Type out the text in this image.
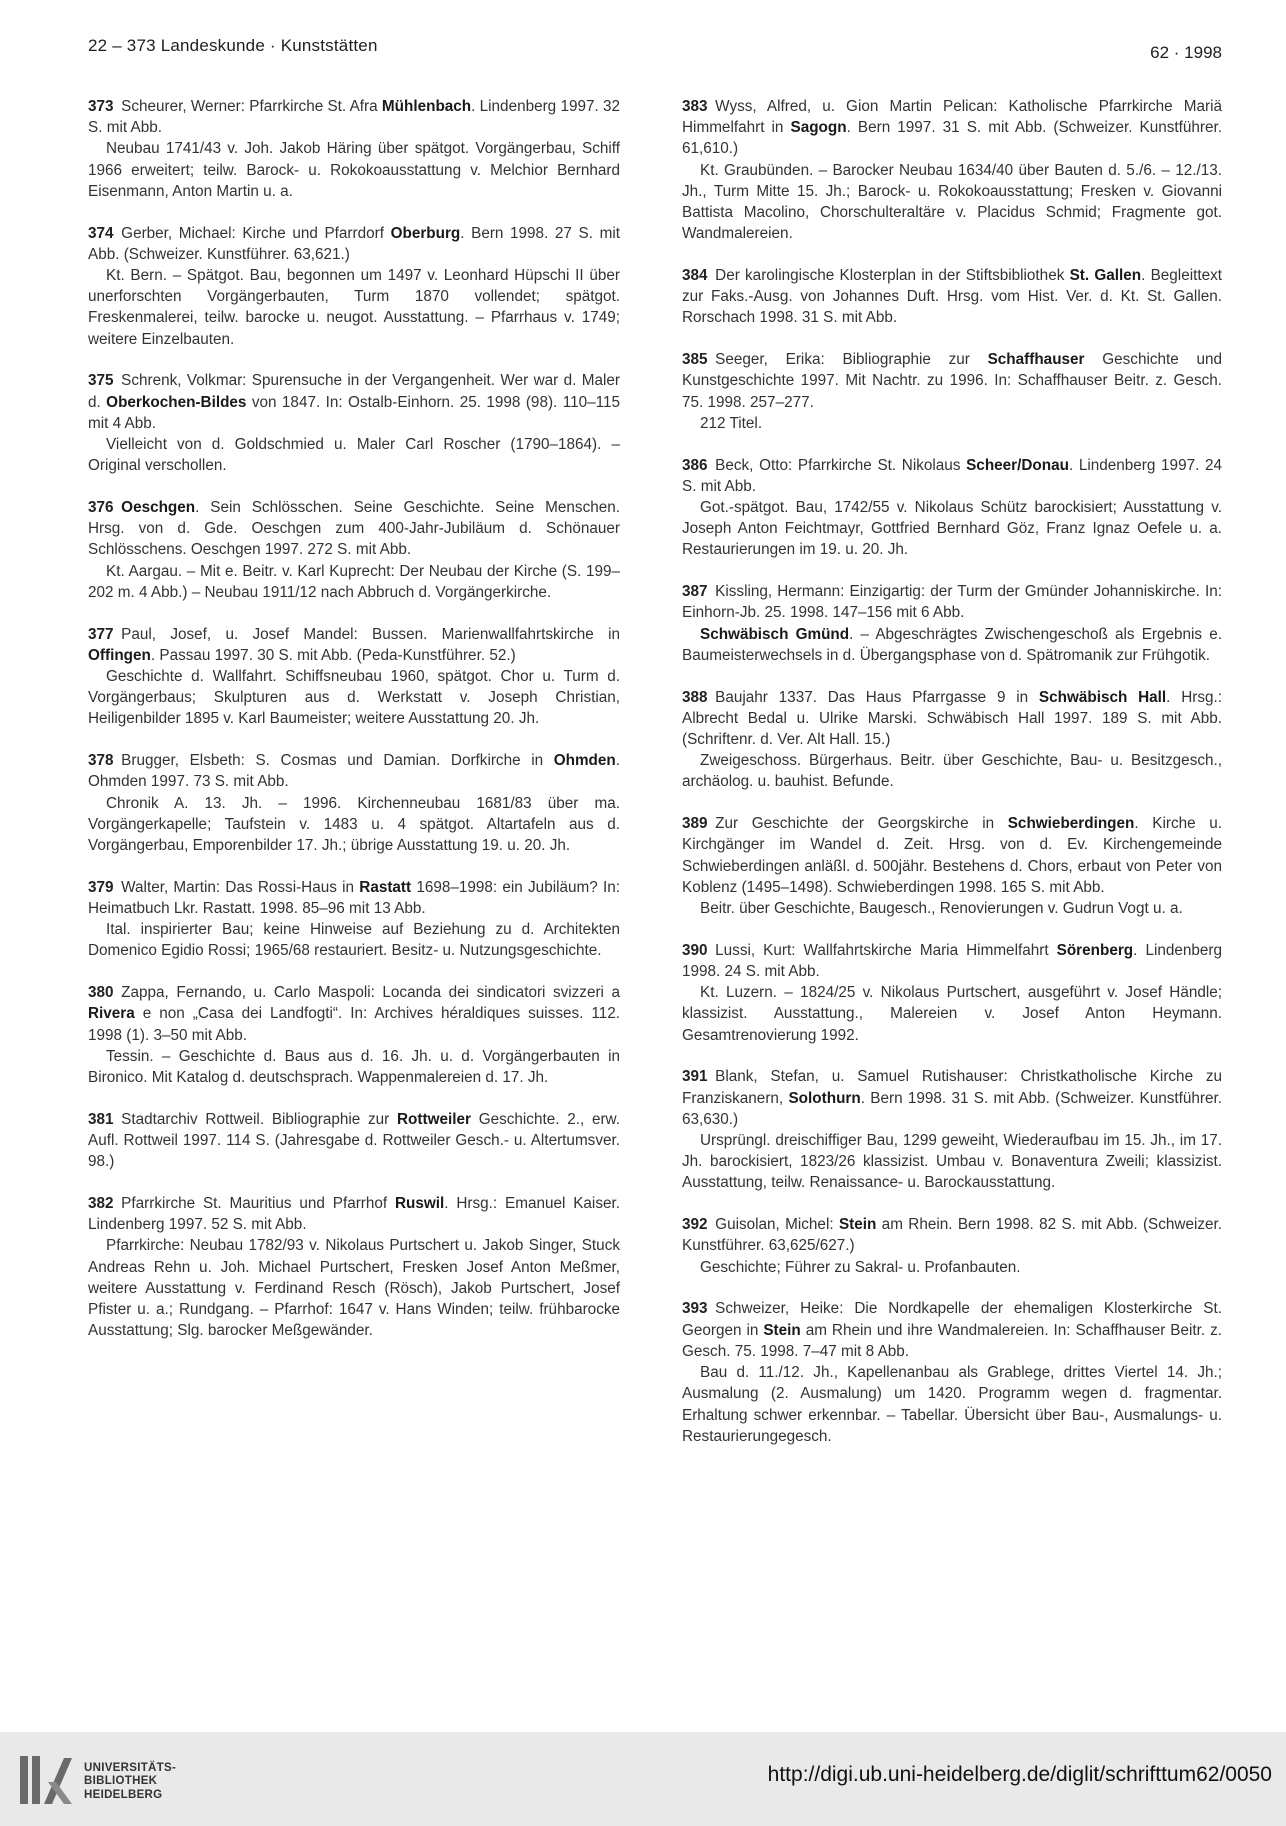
22 – 373 Landeskunde · Kunststätten	62 · 1998

373 Scheurer, Werner: Pfarrkirche St. Afra Mühlenbach. Lindenberg 1997. 32 S. mit Abb.

Neubau 1741/43 v. Joh. Jakob Häring über spätgot. Vorgängerbau, Schiff 1966 erweitert; teilw. Barock- u. Rokokoausstattung v. Melchior Bernhard Eisenmann, Anton Martin u. a.

374 Gerber, Michael: Kirche und Pfarrdorf Oberburg. Bern 1998. 27 S. mit Abb. (Schweizer. Kunstführer. 63,621.)

Kt. Bern. – Spätgot. Bau, begonnen um 1497 v. Leonhard Hüpschi II über unerforschten Vorgängerbauten, Turm 1870 vollendet; spätgot. Freskenmalerei, teilw. barocke u. neugot. Ausstattung. – Pfarrhaus v. 1749; weitere Einzelbauten.

375 Schrenk, Volkmar: Spurensuche in der Vergangenheit. Wer war d. Maler d. Oberkochen-Bildes von 1847. In: Ostalb-Einhorn. 25. 1998 (98). 110–115 mit 4 Abb.

Vielleicht von d. Goldschmied u. Maler Carl Roscher (1790–1864). – Original verschollen.

376 Oeschgen. Sein Schlösschen. Seine Geschichte. Seine Menschen. Hrsg. von d. Gde. Oeschgen zum 400-Jahr-Jubiläum d. Schönauer Schlösschens. Oeschgen 1997. 272 S. mit Abb.

Kt. Aargau. – Mit e. Beitr. v. Karl Kuprecht: Der Neubau der Kirche (S. 199–202 m. 4 Abb.) – Neubau 1911/12 nach Abbruch d. Vorgängerkirche.

377 Paul, Josef, u. Josef Mandel: Bussen. Marienwallfahrtskirche in Offingen. Passau 1997. 30 S. mit Abb. (Peda-Kunstführer. 52.)

Geschichte d. Wallfahrt. Schiffsneubau 1960, spätgot. Chor u. Turm d. Vorgängerbaus; Skulpturen aus d. Werkstatt v. Joseph Christian, Heiligenbilder 1895 v. Karl Baumeister; weitere Ausstattung 20. Jh.

378 Brugger, Elsbeth: S. Cosmas und Damian. Dorfkirche in Ohmden. Ohmden 1997. 73 S. mit Abb.

Chronik A. 13. Jh. – 1996. Kirchenneubau 1681/83 über ma. Vorgängerkapelle; Taufstein v. 1483 u. 4 spätgot. Altartafeln aus d. Vorgängerbau, Emporenbilder 17. Jh.; übrige Ausstattung 19. u. 20. Jh.

379 Walter, Martin: Das Rossi-Haus in Rastatt 1698–1998: ein Jubiläum? In: Heimatbuch Lkr. Rastatt. 1998. 85–96 mit 13 Abb.

Ital. inspirierter Bau; keine Hinweise auf Beziehung zu d. Architekten Domenico Egidio Rossi; 1965/68 restauriert. Besitz- u. Nutzungsgeschichte.

380 Zappa, Fernando, u. Carlo Maspoli: Locanda dei sindicatori svizzeri a Rivera e non „Casa dei Landfogti“. In: Archives héraldiques suisses. 112. 1998 (1). 3–50 mit Abb.

Tessin. – Geschichte d. Baus aus d. 16. Jh. u. d. Vorgängerbauten in Bironico. Mit Katalog d. deutschsprach. Wappenmalereien d. 17. Jh.

381 Stadtarchiv Rottweil. Bibliographie zur Rottweiler Geschichte. 2., erw. Aufl. Rottweil 1997. 114 S. (Jahresgabe d. Rottweiler Gesch.- u. Altertumsver. 98.)

382 Pfarrkirche St. Mauritius und Pfarrhof Ruswil. Hrsg.: Emanuel Kaiser. Lindenberg 1997. 52 S. mit Abb.

Pfarrkirche: Neubau 1782/93 v. Nikolaus Purtschert u. Jakob Singer, Stuck Andreas Rehn u. Joh. Michael Purtschert, Fresken Josef Anton Meßmer, weitere Ausstattung v. Ferdinand Resch (Rösch), Jakob Purtschert, Josef Pfister u. a.; Rundgang. – Pfarrhof: 1647 v. Hans Winden; teilw. frühbarocke Ausstattung; Slg. barocker Meßgewänder.

383 Wyss, Alfred, u. Gion Martin Pelican: Katholische Pfarrkirche Mariä Himmelfahrt in Sagogn. Bern 1997. 31 S. mit Abb. (Schweizer. Kunstführer. 61,610.)

Kt. Graubünden. – Barocker Neubau 1634/40 über Bauten d. 5./6. – 12./13. Jh., Turm Mitte 15. Jh.; Barock- u. Rokokoausstattung; Fresken v. Giovanni Battista Macolino, Chorschulteraltäre v. Placidus Schmid; Fragmente got. Wandmalereien.

384 Der karolingische Klosterplan in der Stiftsbibliothek St. Gallen. Begleittext zur Faks.-Ausg. von Johannes Duft. Hrsg. vom Hist. Ver. d. Kt. St. Gallen. Rorschach 1998. 31 S. mit Abb.

385 Seeger, Erika: Bibliographie zur Schaffhauser Geschichte und Kunstgeschichte 1997. Mit Nachtr. zu 1996. In: Schaffhauser Beitr. z. Gesch. 75. 1998. 257–277.

212 Titel.

386 Beck, Otto: Pfarrkirche St. Nikolaus Scheer/Donau. Lindenberg 1997. 24 S. mit Abb.

Got.-spätgot. Bau, 1742/55 v. Nikolaus Schütz barockisiert; Ausstattung v. Joseph Anton Feichtmayr, Gottfried Bernhard Göz, Franz Ignaz Oefele u. a. Restaurierungen im 19. u. 20. Jh.

387 Kissling, Hermann: Einzigartig: der Turm der Gmünder Johanniskirche. In: Einhorn-Jb. 25. 1998. 147–156 mit 6 Abb.

Schwäbisch Gmünd. – Abgeschrägtes Zwischengeschoß als Ergebnis e. Baumeisterwechsels in d. Übergangsphase von d. Spätromanik zur Frühgotik.

388 Baujahr 1337. Das Haus Pfarrgasse 9 in Schwäbisch Hall. Hrsg.: Albrecht Bedal u. Ulrike Marski. Schwäbisch Hall 1997. 189 S. mit Abb. (Schriftenr. d. Ver. Alt Hall. 15.)

Zweigeschoss. Bürgerhaus. Beitr. über Geschichte, Bau- u. Besitzgesch., archäolog. u. bauhist. Befunde.

389 Zur Geschichte der Georgskirche in Schwieberdingen. Kirche u. Kirchgänger im Wandel d. Zeit. Hrsg. von d. Ev. Kirchengemeinde Schwieberdingen anläßl. d. 500jähr. Bestehens d. Chors, erbaut von Peter von Koblenz (1495–1498). Schwieberdingen 1998. 165 S. mit Abb.

Beitr. über Geschichte, Baugesch., Renovierungen v. Gudrun Vogt u. a.

390 Lussi, Kurt: Wallfahrtskirche Maria Himmelfahrt Sörenberg. Lindenberg 1998. 24 S. mit Abb.

Kt. Luzern. – 1824/25 v. Nikolaus Purtschert, ausgeführt v. Josef Händle; klassizist. Ausstattung., Malereien v. Josef Anton Heymann. Gesamtrenovierung 1992.

391 Blank, Stefan, u. Samuel Rutishauser: Christkatholische Kirche zu Franziskanern, Solothurn. Bern 1998. 31 S. mit Abb. (Schweizer. Kunstführer. 63,630.)

Ursprüngl. dreischiffiger Bau, 1299 geweiht, Wiederaufbau im 15. Jh., im 17. Jh. barockisiert, 1823/26 klassizist. Umbau v. Bonaventura Zweili; klassizist. Ausstattung, teilw. Renaissance- u. Barockausstattung.

392 Guisolan, Michel: Stein am Rhein. Bern 1998. 82 S. mit Abb. (Schweizer. Kunstführer. 63,625/627.)

Geschichte; Führer zu Sakral- u. Profanbauten.

393 Schweizer, Heike: Die Nordkapelle der ehemaligen Klosterkirche St. Georgen in Stein am Rhein und ihre Wandmalereien. In: Schaffhauser Beitr. z. Gesch. 75. 1998. 7–47 mit 8 Abb.

Bau d. 11./12. Jh., Kapellenanbau als Grablege, drittes Viertel 14. Jh.; Ausmalung (2. Ausmalung) um 1420. Programm wegen d. fragmentar. Erhaltung schwer erkennbar. – Tabellar. Übersicht über Bau-, Ausmalungs- u. Restaurierungegesch.

UNIVERSITÄTS-
BIBLIOTHEK
HEIDELBERG
http://digi.ub.uni-heidelberg.de/diglit/schrifttum62/0050
